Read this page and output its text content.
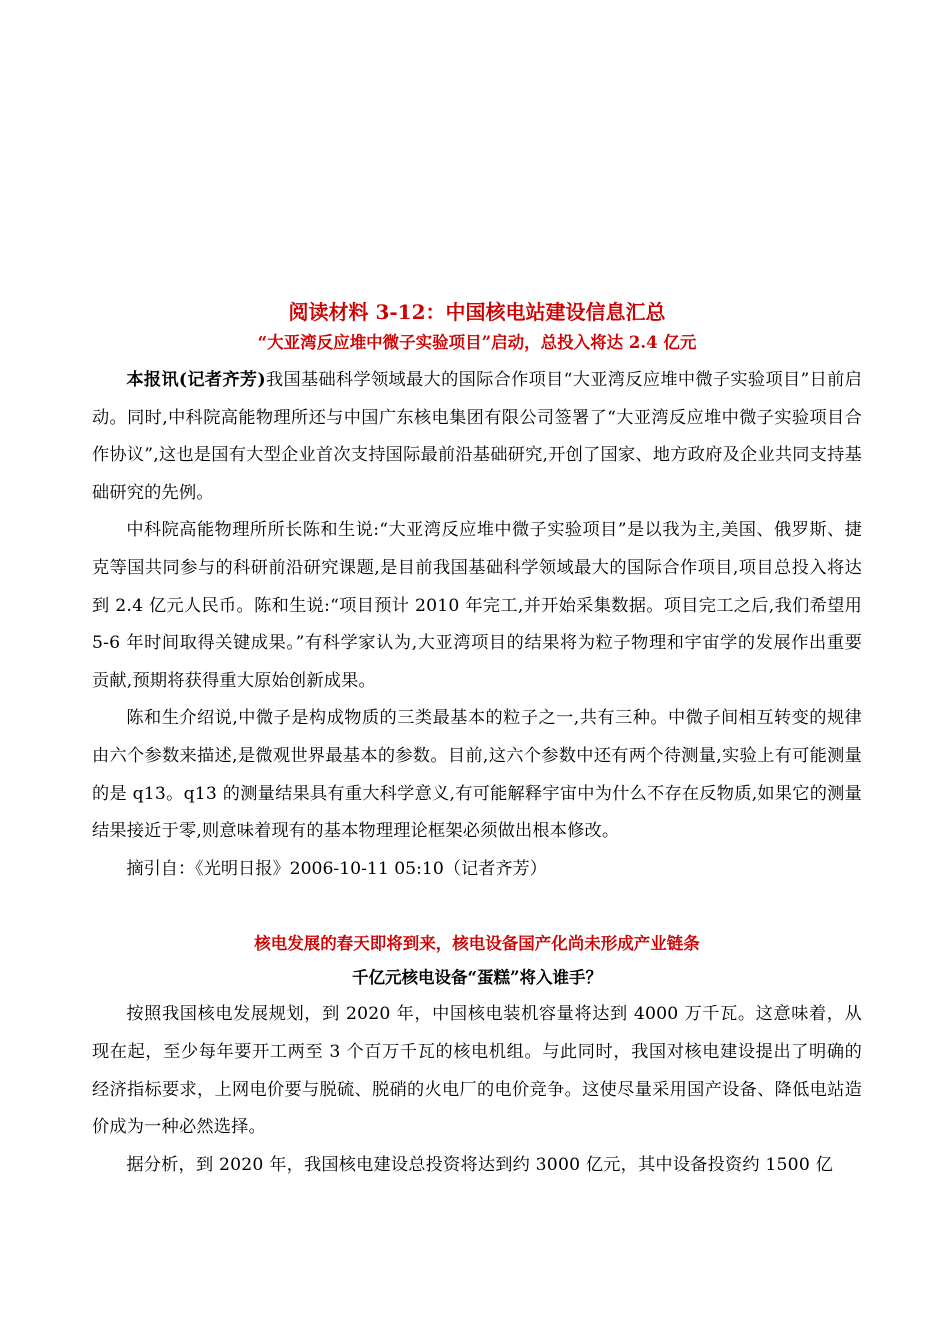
阅读材料 3-12：中国核电站建设信息汇总
“大亚湾反应堆中微子实验项目”启动，总投入将达 2.4 亿元

本报讯(记者齐芳)我国基础科学领域最大的国际合作项目“大亚湾反应堆中微子实验项目”日前启动。同时,中科院高能物理所还与中国广东核电集团有限公司签署了“大亚湾反应堆中微子实验项目合作协议”,这也是国有大型企业首次支持国际最前沿基础研究,开创了国家、地方政府及企业共同支持基础研究的先例。

中科院高能物理所所长陈和生说:“大亚湾反应堆中微子实验项目”是以我为主,美国、俄罗斯、捷克等国共同参与的科研前沿研究课题,是目前我国基础科学领域最大的国际合作项目,项目总投入将达到 2.4 亿元人民币。陈和生说:“项目预计 2010 年完工,并开始采集数据。项目完工之后,我们希望用 5-6 年时间取得关键成果。”有科学家认为,大亚湾项目的结果将为粒子物理和宇宙学的发展作出重要贡献,预期将获得重大原始创新成果。

陈和生介绍说,中微子是构成物质的三类最基本的粒子之一,共有三种。中微子间相互转变的规律由六个参数来描述,是微观世界最基本的参数。目前,这六个参数中还有两个待测量,实验上有可能测量的是 q13。q13 的测量结果具有重大科学意义,有可能解释宇宙中为什么不存在反物质,如果它的测量结果接近于零,则意味着现有的基本物理理论框架必须做出根本修改。

摘引自：《光明日报》2006-10-11 05:10（记者齐芳）

核电发展的春天即将到来，核电设备国产化尚未形成产业链条
千亿元核电设备“蛋糕”将入谁手？

按照我国核电发展规划，到 2020 年，中国核电装机容量将达到 4000 万千瓦。这意味着，从现在起，至少每年要开工两至 3 个百万千瓦的核电机组。与此同时，我国对核电建设提出了明确的经济指标要求，上网电价要与脱硫、脱硝的火电厂的电价竞争。这使尽量采用国产设备、降低电站造价成为一种必然选择。

据分析，到 2020 年，我国核电建设总投资将达到约 3000 亿元，其中设备投资约 1500 亿
